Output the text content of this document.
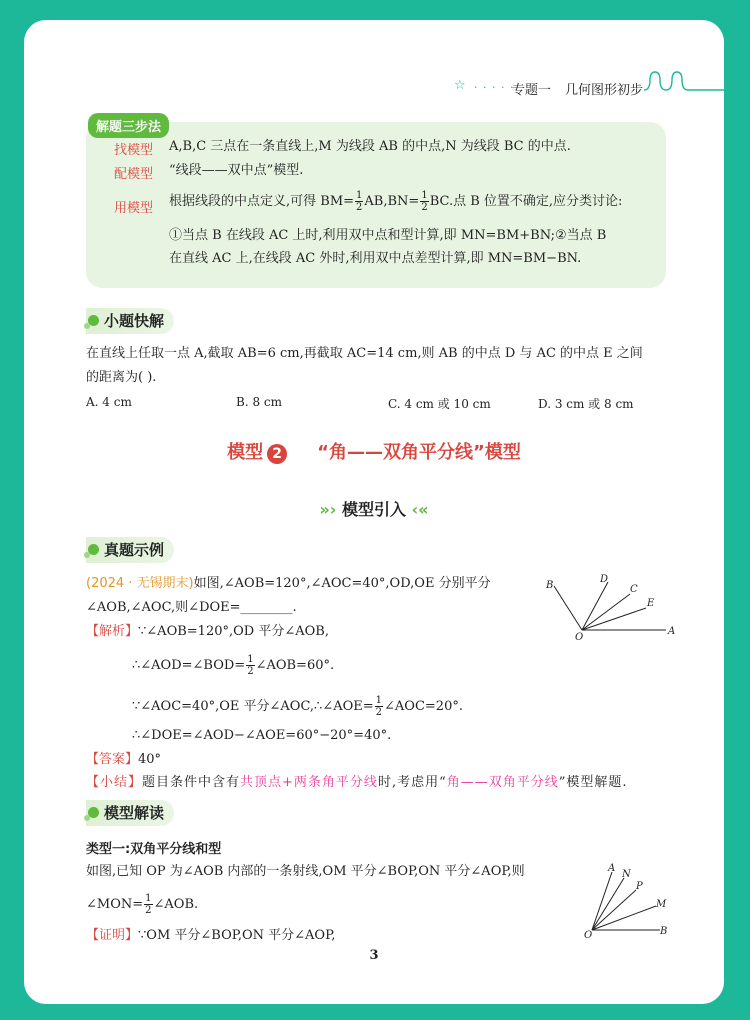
☆ · · · · ·
专题一 几何图形初步
解题三步法
找模型 A,B,C 三点在一条直线上,M 为线段 AB 的中点,N 为线段 BC 的中点.
配模型 “线段——双中点”模型.
用模型 根据线段的中点定义,可得 $BM= \frac{1}{2} AB,BN= \frac{1}{2}$ BC.点 B 位置不确定,应分类讨论:
①当点 B 在线段 AC 上时,利用双中点和型计算,即 MN=BM+BN;②当点 B
在直线 AC 上,在线段 AC 外时,利用双中点差型计算,即 MN=BM−BN.
小题快解
在直线上任取一点 A,截取 AB=6 cm,再截取 AC=14 cm,则 AB 的中点 D 与 AC 的中点 E 之间
的距离为( ).
A. 4 cm	B. 8 cm	C. 4 cm 或 10 cm	D. 3 cm 或 8 cm
模型 2 “角——双角平分线”模型
»› 模型引入 ‹«
真题示例
(2024 · 无锡期末)如图,∠AOB=120°,∠AOC=40°,OD,OE 分别平分
∠AOB,∠AOC,则∠DOE=________.
B
D
C
E
O
A
【解析】∵∠AOB=120°,OD 平分∠AOB,
∴∠AOD=∠BOD= $\frac{1}{2}$ ∠AOB=60°.
∵∠AOC=40°,OE 平分∠AOC,∴∠AOE= $\frac{1}{2}$ ∠AOC=20°.
∴∠DOE=∠AOD−∠AOE=60°−20°=40°.
【答案】40°
【小结】题目条件中含有共顶点+两条角平分线时,考虑用“角——双角平分线”模型解题.
模型解读
类型一:双角平分线和型
如图,已知 OP 为∠AOB 内部的一条射线,OM 平分∠BOP,ON 平分∠AOP,则
∠MON= $\frac{1}{2}$ ∠AOB.
【证明】∵OM 平分∠BOP,ON 平分∠AOP,
A
N
P
M
O	B
3
